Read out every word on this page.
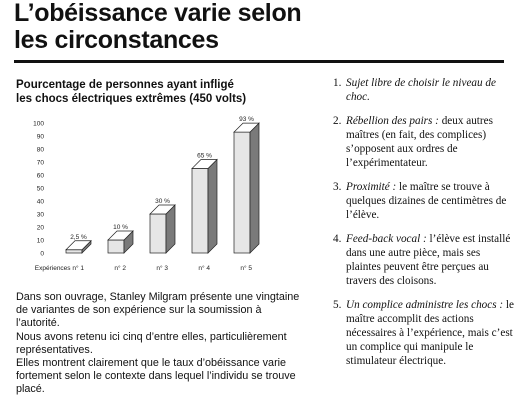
L’obéissance varie selon
les circonstances
Pourcentage de personnes ayant infligé
les chocs électriques extrêmes (450 volts)
0
10
20
30
40
50
60
70
80
90
100
2,5 %
Expériences n° 1
10 %
n° 2
30 %
n° 3
65 %
n° 4
93 %
n° 5

Dans son ouvrage, Stanley Milgram présente une vingtaine de variantes de son expérience sur la soumission à l’autorité.

Nous avons retenu ici cinq d’entre elles, particulièrement représentatives.

Elles montrent clairement que le taux d’obéissance varie fortement selon le contexte dans lequel l’individu se trouve placé.

1. Sujet libre de choisir le niveau de choc.
2. Rébellion des pairs : deux autres maîtres (en fait, des complices) s’opposent aux ordres de l’expérimentateur.
3. Proximité : le maître se trouve à quelques dizaines de centimètres de l’élève.
4. Feed-back vocal : l’élève est installé dans une autre pièce, mais ses plaintes peuvent être perçues au travers des cloisons.
5. Un complice administre les chocs : le maître accomplit des actions nécessaires à l’expérience, mais c’est un complice qui manipule le stimulateur électrique.
